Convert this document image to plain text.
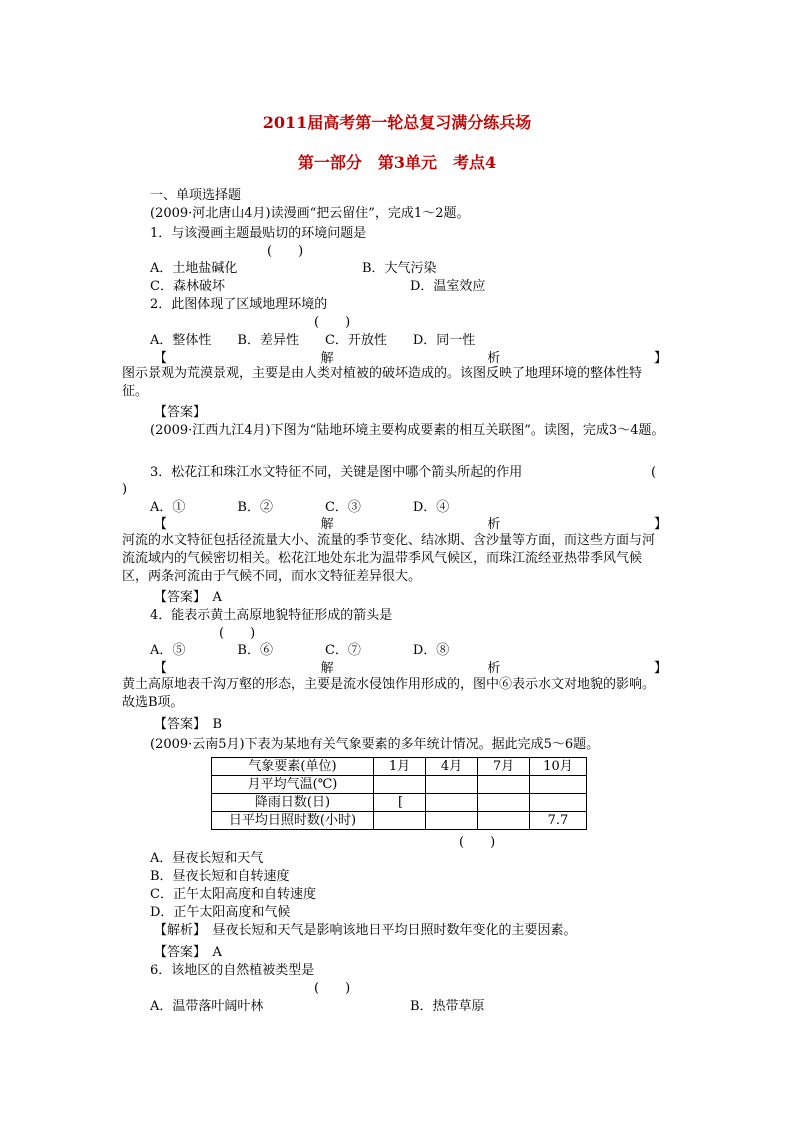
2011届高考第一轮总复习满分练兵场
第一部分　第3单元　考点4
一、单项选择题
(2009·河北唐山4月)读漫画“把云留住”，完成1～2题。
1．与该漫画主题最贴切的环境问题是
(　　)
A．土地盐碱化	B．大气污染
C．森林破坏	D．温室效应
2．此图体现了区域地理环境的
(　　)
A．整体性　　B．差异性　　C．开放性　　D．同一性
【	解	析	】
图示景观为荒漠景观，主要是由人类对植被的破坏造成的。该图反映了地理环境的整体性特征。
【答案】
(2009·江西九江4月)下图为“陆地环境主要构成要素的相互关联图”。读图，完成3～4题。
3．松花江和珠江水文特征不同，关键是图中哪个箭头所起的作用	(
)
A．①　　　　B．②　　　　C．③　　　　D．④
【	解	析	】
河流的水文特征包括径流量大小、流量的季节变化、结冰期、含沙量等方面，而这些方面与河流流域内的气候密切相关。松花江地处东北为温带季风气候区，而珠江流经亚热带季风气候区，两条河流由于气候不同，而水文特征差异很大。
【答案】　A
4．能表示黄土高原地貌特征形成的箭头是
(　　)
A．⑤　　　　B．⑥　　　　C．⑦　　　　D．⑧
【	解	析	】
黄土高原地表千沟万壑的形态，主要是流水侵蚀作用形成的，图中⑥表示水文对地貌的影响。故选B项。
【答案】　B
(2009·云南5月)下表为某地有关气象要素的多年统计情况。据此完成5～6题。
气象要素(单位)	1月	4月	7月	10月
月平均气温(℃)				
降雨日数(日)	[			
日平均日照时数(小时)				7.7
(　　)
A．昼夜长短和天气
B．昼夜长短和自转速度
C．正午太阳高度和自转速度
D．正午太阳高度和气候
【解析】　昼夜长短和天气是影响该地日平均日照时数年变化的主要因素。
【答案】　A
6．该地区的自然植被类型是
(　　)
A．温带落叶阔叶林	B．热带草原
